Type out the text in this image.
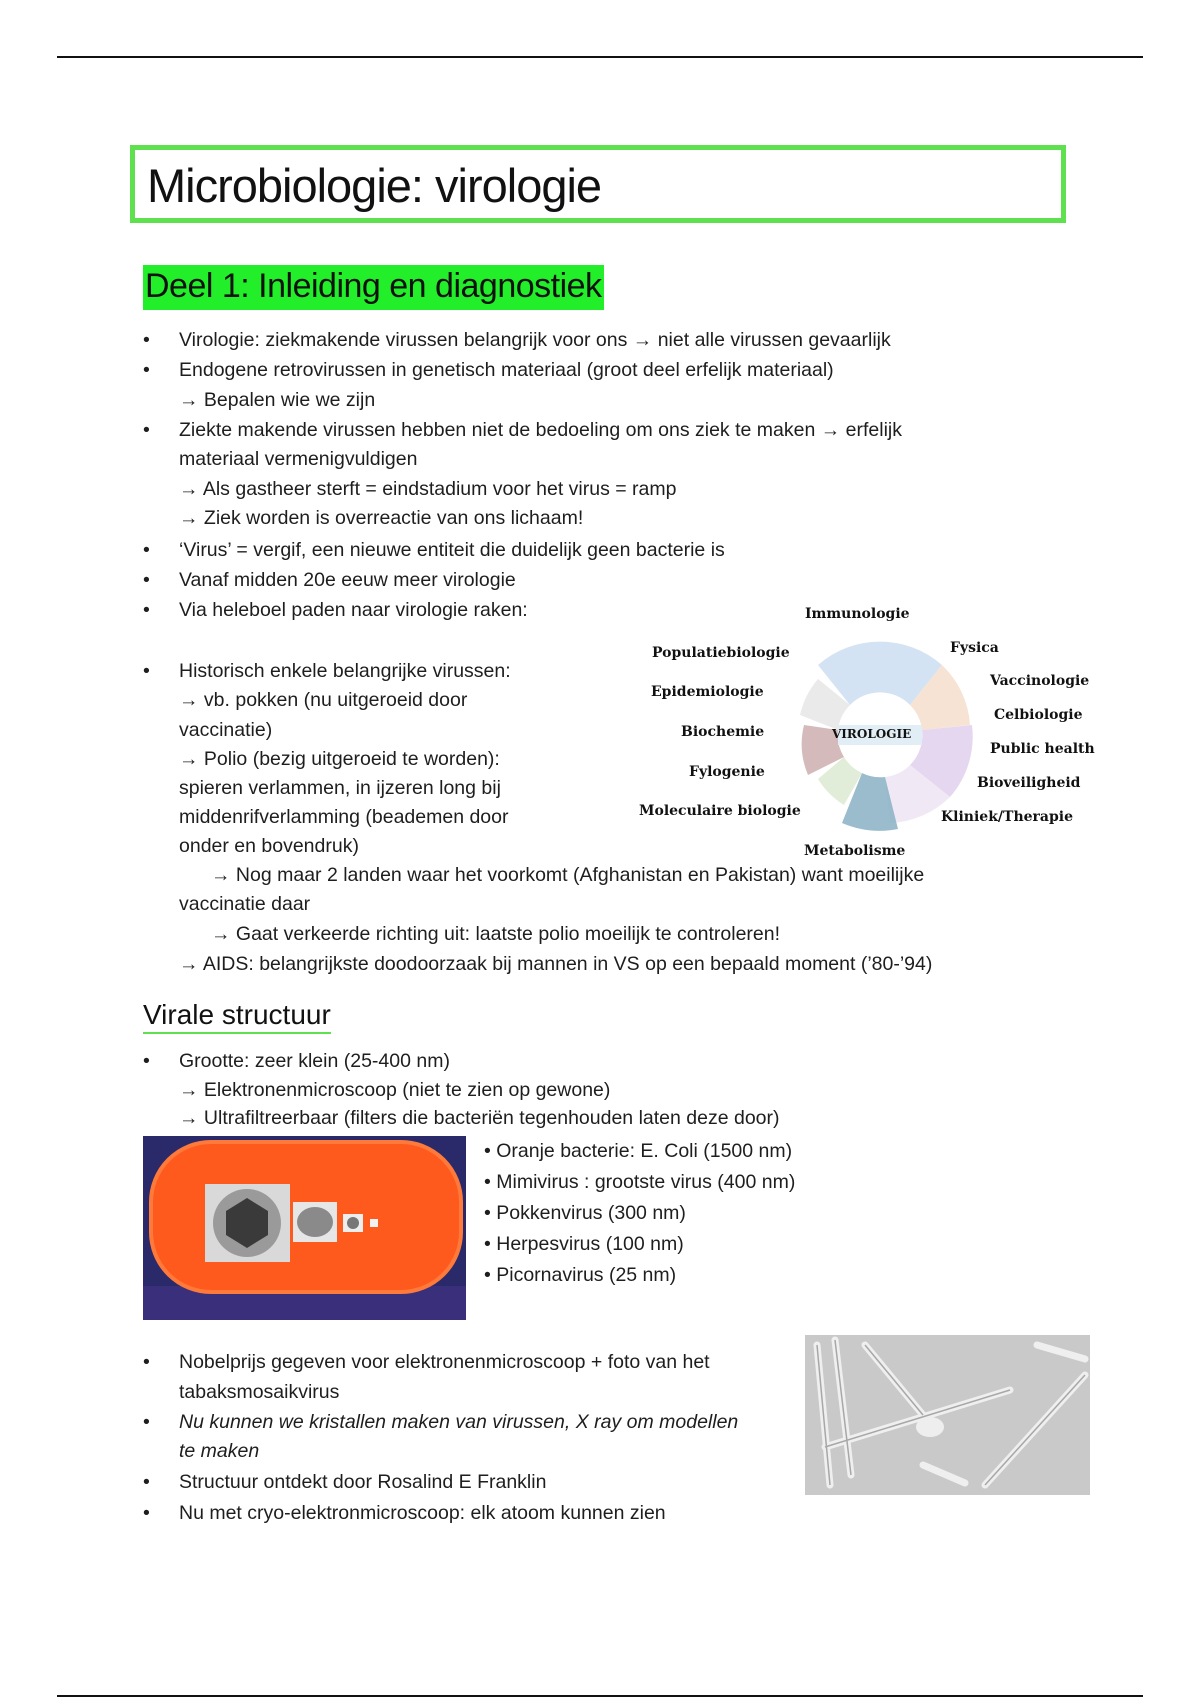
Microbiologie: virologie
Deel 1: Inleiding en diagnostiek
•	Virologie: ziekmakende virussen belangrijk voor ons → niet alle virussen gevaarlijk
•	Endogene retrovirussen in genetisch materiaal (groot deel erfelijk materiaal)
→ Bepalen wie we zijn
•	Ziekte makende virussen hebben niet de bedoeling om ons ziek te maken → erfelijk
materiaal vermenigvuldigen
→ Als gastheer sterft = eindstadium voor het virus = ramp
→ Ziek worden is overreactie van ons lichaam!
•	‘Virus’ = vergif, een nieuwe entiteit die duidelijk geen bacterie is
•	Vanaf midden 20e eeuw meer virologie
•	Via heleboel paden naar virologie raken:
•	Historisch enkele belangrijke virussen:
→ vb. pokken (nu uitgeroeid door
vaccinatie)
→ Polio (bezig uitgeroeid te worden):
spieren verlammen, in ijzeren long bij
middenrifverlamming (beademen door
onder en bovendruk)
→ Nog maar 2 landen waar het voorkomt (Afghanistan en Pakistan) want moeilijke
vaccinatie daar
→ Gaat verkeerde richting uit: laatste polio moeilijk te controleren!
→ AIDS: belangrijkste doodoorzaak bij mannen in VS op een bepaald moment (’80-’94)
VIROLOGIE
Immunologie
Fysica
Vaccinologie
Celbiologie
Public health
Bioveiligheid
Kliniek/Therapie
Metabolisme
Moleculaire biologie
Fylogenie
Biochemie
Epidemiologie
Populatiebiologie
Virale structuur
•	Grootte: zeer klein (25-400 nm)
→ Elektronenmicroscoop (niet te zien op gewone)
→ Ultrafiltreerbaar (filters die bacteriën tegenhouden laten deze door)
• Oranje bacterie: E. Coli (1500 nm)
• Mimivirus : grootste virus (400 nm)
• Pokkenvirus (300 nm)
• Herpesvirus (100 nm)
• Picornavirus (25 nm)
•	Nobelprijs gegeven voor elektronenmicroscoop + foto van het
tabaksmosaikvirus
•	Nu kunnen we kristallen maken van virussen, X ray om modellen
te maken
•	Structuur ontdekt door Rosalind E Franklin
•	Nu met cryo-elektronmicroscoop: elk atoom kunnen zien
